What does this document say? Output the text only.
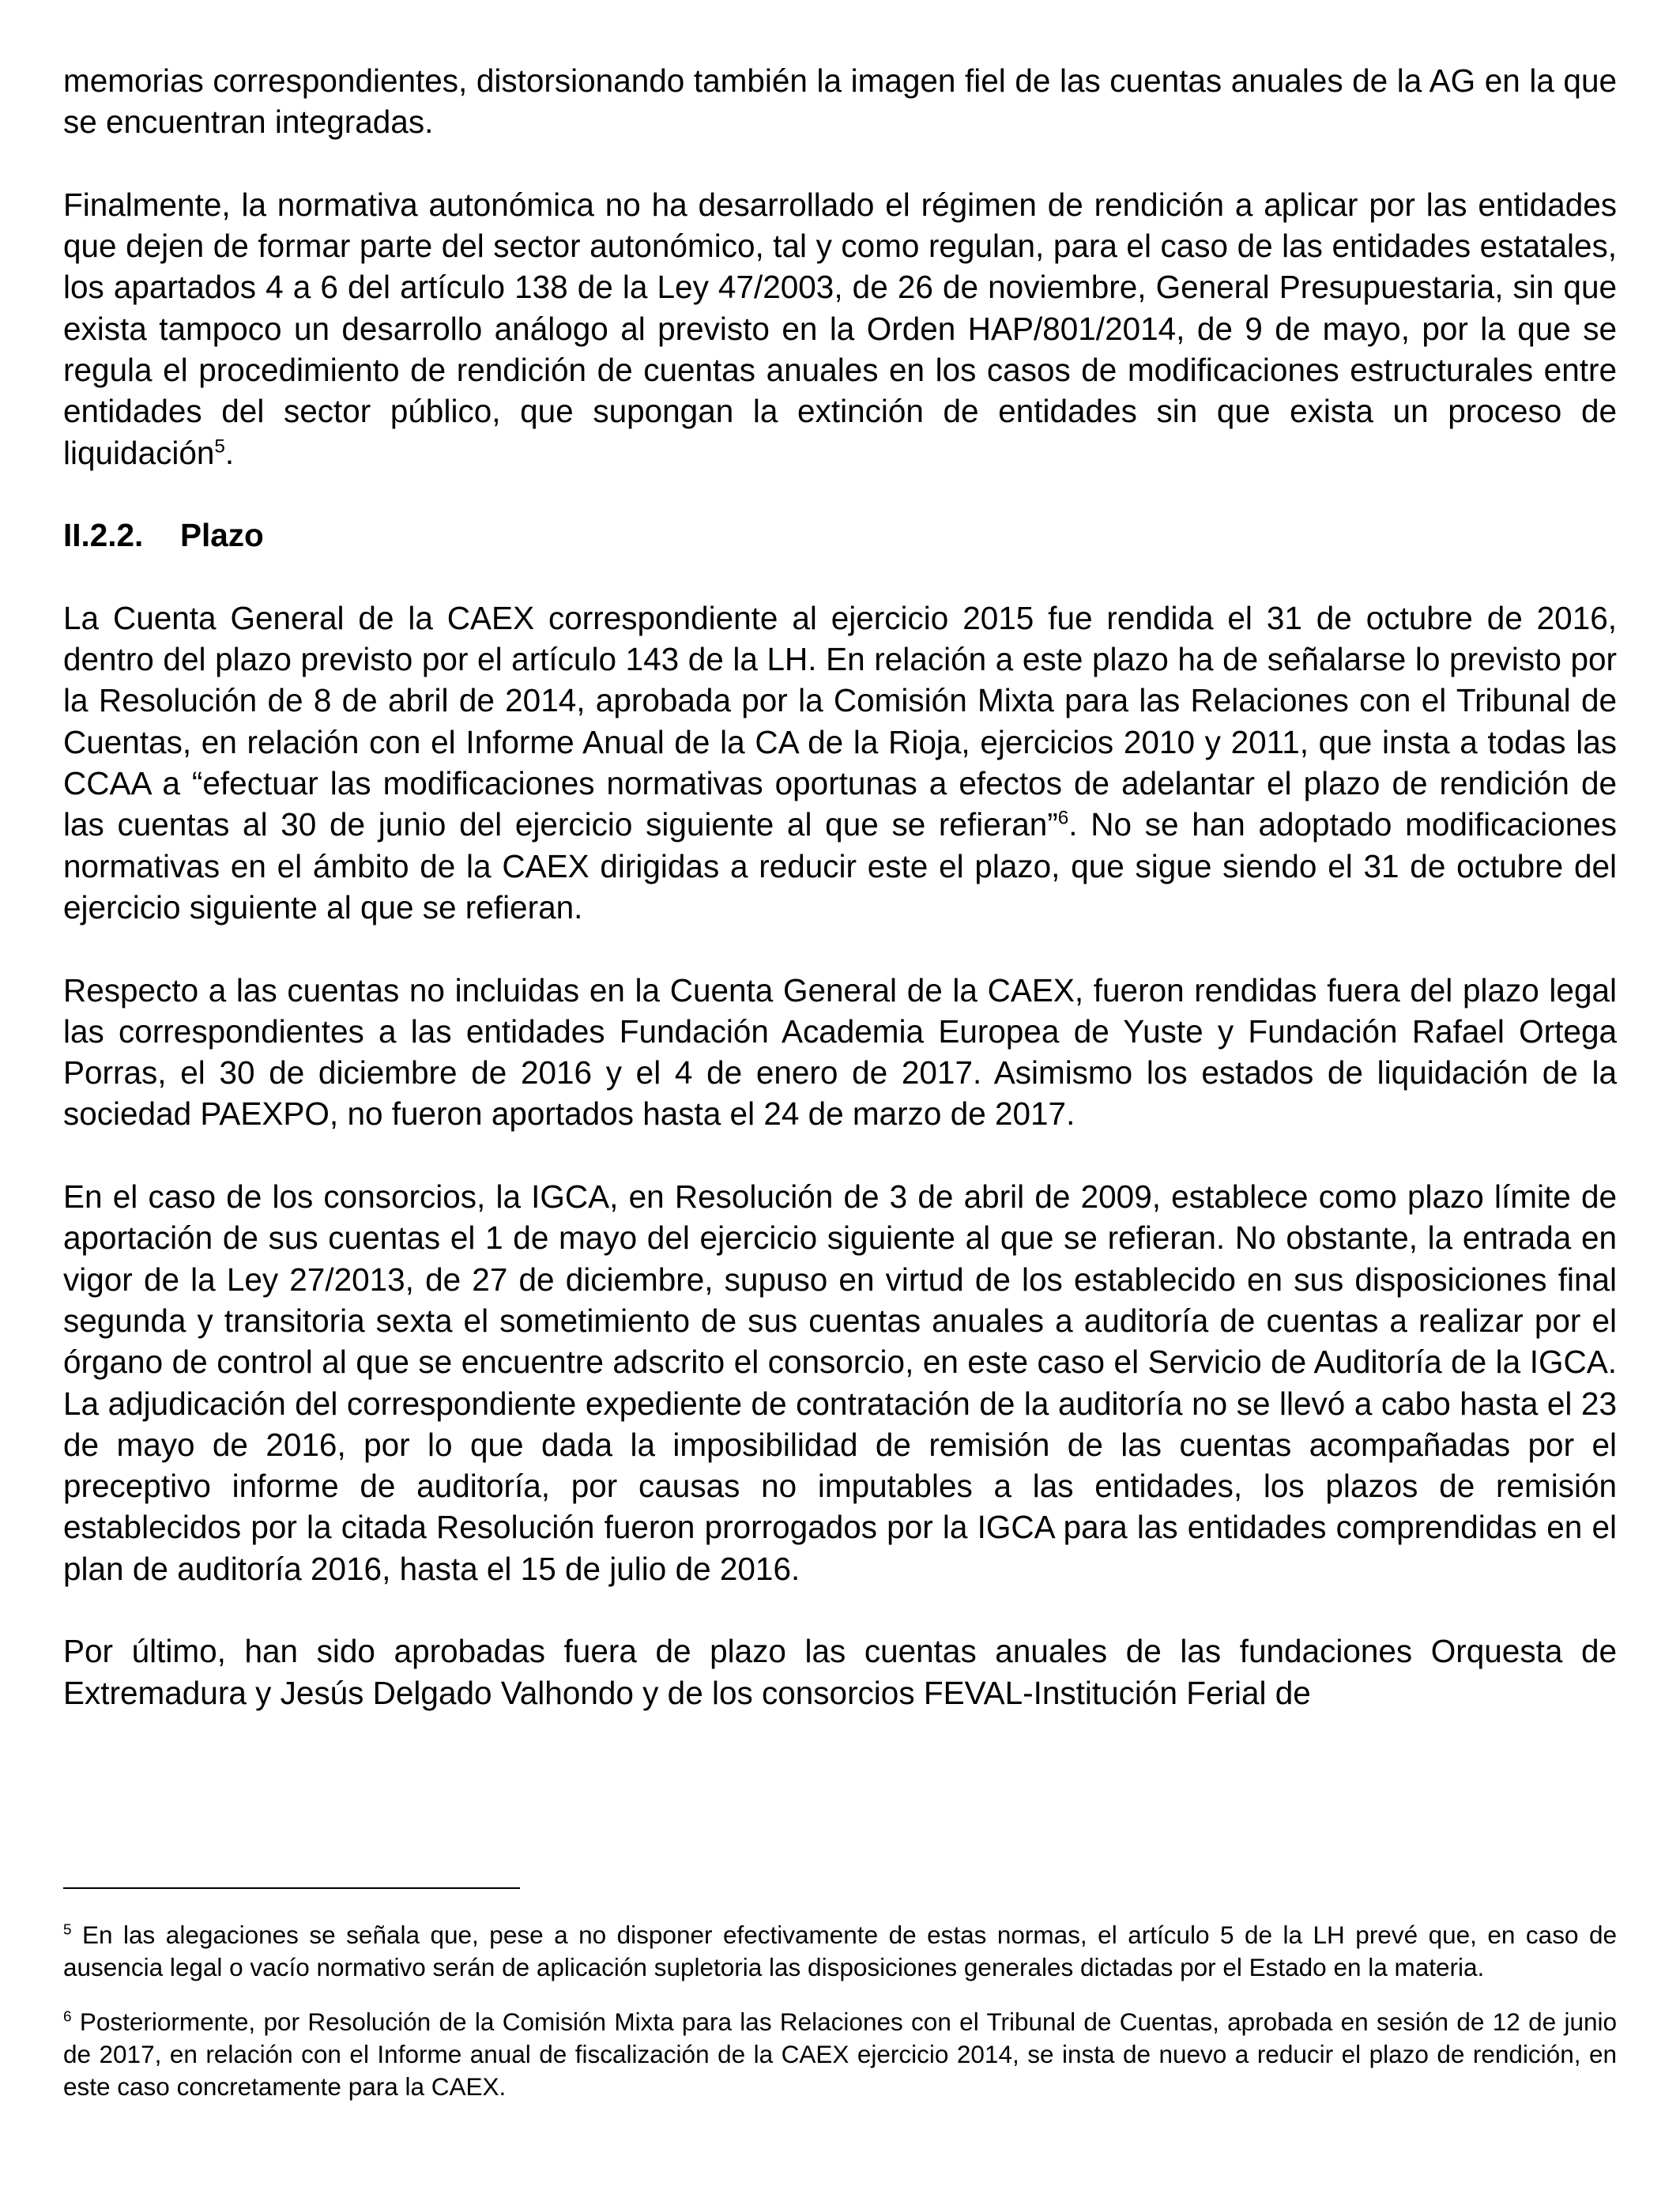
memorias correspondientes, distorsionando también la imagen fiel de las cuentas anuales de la AG en la que se encuentran integradas.

Finalmente, la normativa autonómica no ha desarrollado el régimen de rendición a aplicar por las entidades que dejen de formar parte del sector autonómico, tal y como regulan, para el caso de las entidades estatales, los apartados 4 a 6 del artículo 138 de la Ley 47/2003, de 26 de noviembre, General Presupuestaria, sin que exista tampoco un desarrollo análogo al previsto en la Orden HAP/801/2014, de 9 de mayo, por la que se regula el procedimiento de rendición de cuentas anuales en los casos de modificaciones estructurales entre entidades del sector público, que supongan la extinción de entidades sin que exista un proceso de liquidación$^5$.

II.2.2. Plazo

La Cuenta General de la CAEX correspondiente al ejercicio 2015 fue rendida el 31 de octubre de 2016, dentro del plazo previsto por el artículo 143 de la LH. En relación a este plazo ha de señalarse lo previsto por la Resolución de 8 de abril de 2014, aprobada por la Comisión Mixta para las Relaciones con el Tribunal de Cuentas, en relación con el Informe Anual de la CA de la Rioja, ejercicios 2010 y 2011, que insta a todas las CCAA a “efectuar las modificaciones normativas oportunas a efectos de adelantar el plazo de rendición de las cuentas al 30 de junio del ejercicio siguiente al que se refieran”$^6$. No se han adoptado modificaciones normativas en el ámbito de la CAEX dirigidas a reducir este el plazo, que sigue siendo el 31 de octubre del ejercicio siguiente al que se refieran.

Respecto a las cuentas no incluidas en la Cuenta General de la CAEX, fueron rendidas fuera del plazo legal las correspondientes a las entidades Fundación Academia Europea de Yuste y Fundación Rafael Ortega Porras, el 30 de diciembre de 2016 y el 4 de enero de 2017. Asimismo los estados de liquidación de la sociedad PAEXPO, no fueron aportados hasta el 24 de marzo de 2017.

En el caso de los consorcios, la IGCA, en Resolución de 3 de abril de 2009, establece como plazo límite de aportación de sus cuentas el 1 de mayo del ejercicio siguiente al que se refieran. No obstante, la entrada en vigor de la Ley 27/2013, de 27 de diciembre, supuso en virtud de los establecido en sus disposiciones final segunda y transitoria sexta el sometimiento de sus cuentas anuales a auditoría de cuentas a realizar por el órgano de control al que se encuentre adscrito el consorcio, en este caso el Servicio de Auditoría de la IGCA. La adjudicación del correspondiente expediente de contratación de la auditoría no se llevó a cabo hasta el 23 de mayo de 2016, por lo que dada la imposibilidad de remisión de las cuentas acompañadas por el preceptivo informe de auditoría, por causas no imputables a las entidades, los plazos de remisión establecidos por la citada Resolución fueron prorrogados por la IGCA para las entidades comprendidas en el plan de auditoría 2016, hasta el 15 de julio de 2016.

Por último, han sido aprobadas fuera de plazo las cuentas anuales de las fundaciones Orquesta de Extremadura y Jesús Delgado Valhondo y de los consorcios FEVAL-Institución Ferial de

$^5$ En las alegaciones se señala que, pese a no disponer efectivamente de estas normas, el artículo 5 de la LH prevé que, en caso de ausencia legal o vacío normativo serán de aplicación supletoria las disposiciones generales dictadas por el Estado en la materia.

$^6$ Posteriormente, por Resolución de la Comisión Mixta para las Relaciones con el Tribunal de Cuentas, aprobada en sesión de 12 de junio de 2017, en relación con el Informe anual de fiscalización de la CAEX ejercicio 2014, se insta de nuevo a reducir el plazo de rendición, en este caso concretamente para la CAEX.
